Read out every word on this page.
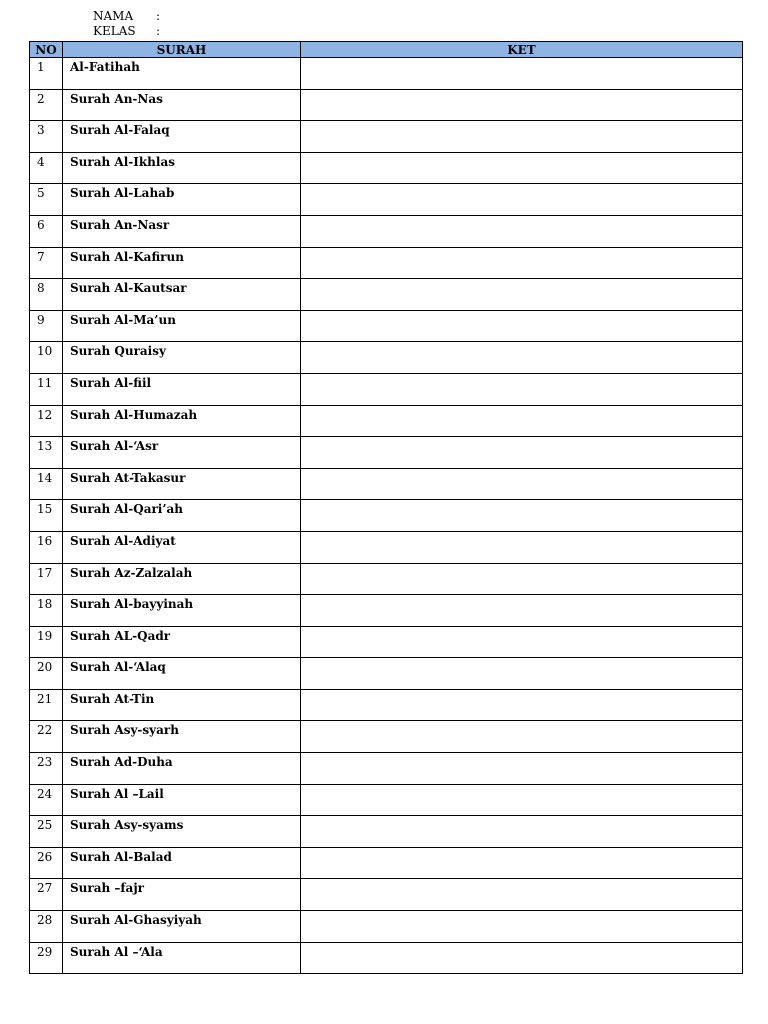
NAMA	:
KELAS	:
NO	SURAH	KET
1	Al-Fatihah	
2	Surah An-Nas	
3	Surah Al-Falaq	
4	Surah Al-Ikhlas	
5	Surah Al-Lahab	
6	Surah An-Nasr	
7	Surah Al-Kafirun	
8	Surah Al-Kautsar	
9	Surah Al-Ma’un	
10	Surah Quraisy	
11	Surah Al-fiil	
12	Surah Al-Humazah	
13	Surah Al-‘Asr	
14	Surah At-Takasur	
15	Surah Al-Qari’ah	
16	Surah Al-Adiyat	
17	Surah Az-Zalzalah	
18	Surah Al-bayyinah	
19	Surah AL-Qadr	
20	Surah Al-‘Alaq	
21	Surah At-Tin	
22	Surah Asy-syarh	
23	Surah Ad-Duha	
24	Surah Al –Lail	
25	Surah Asy-syams	
26	Surah Al-Balad	
27	Surah –fajr	
28	Surah Al-Ghasyiyah	
29	Surah Al –‘Ala	
